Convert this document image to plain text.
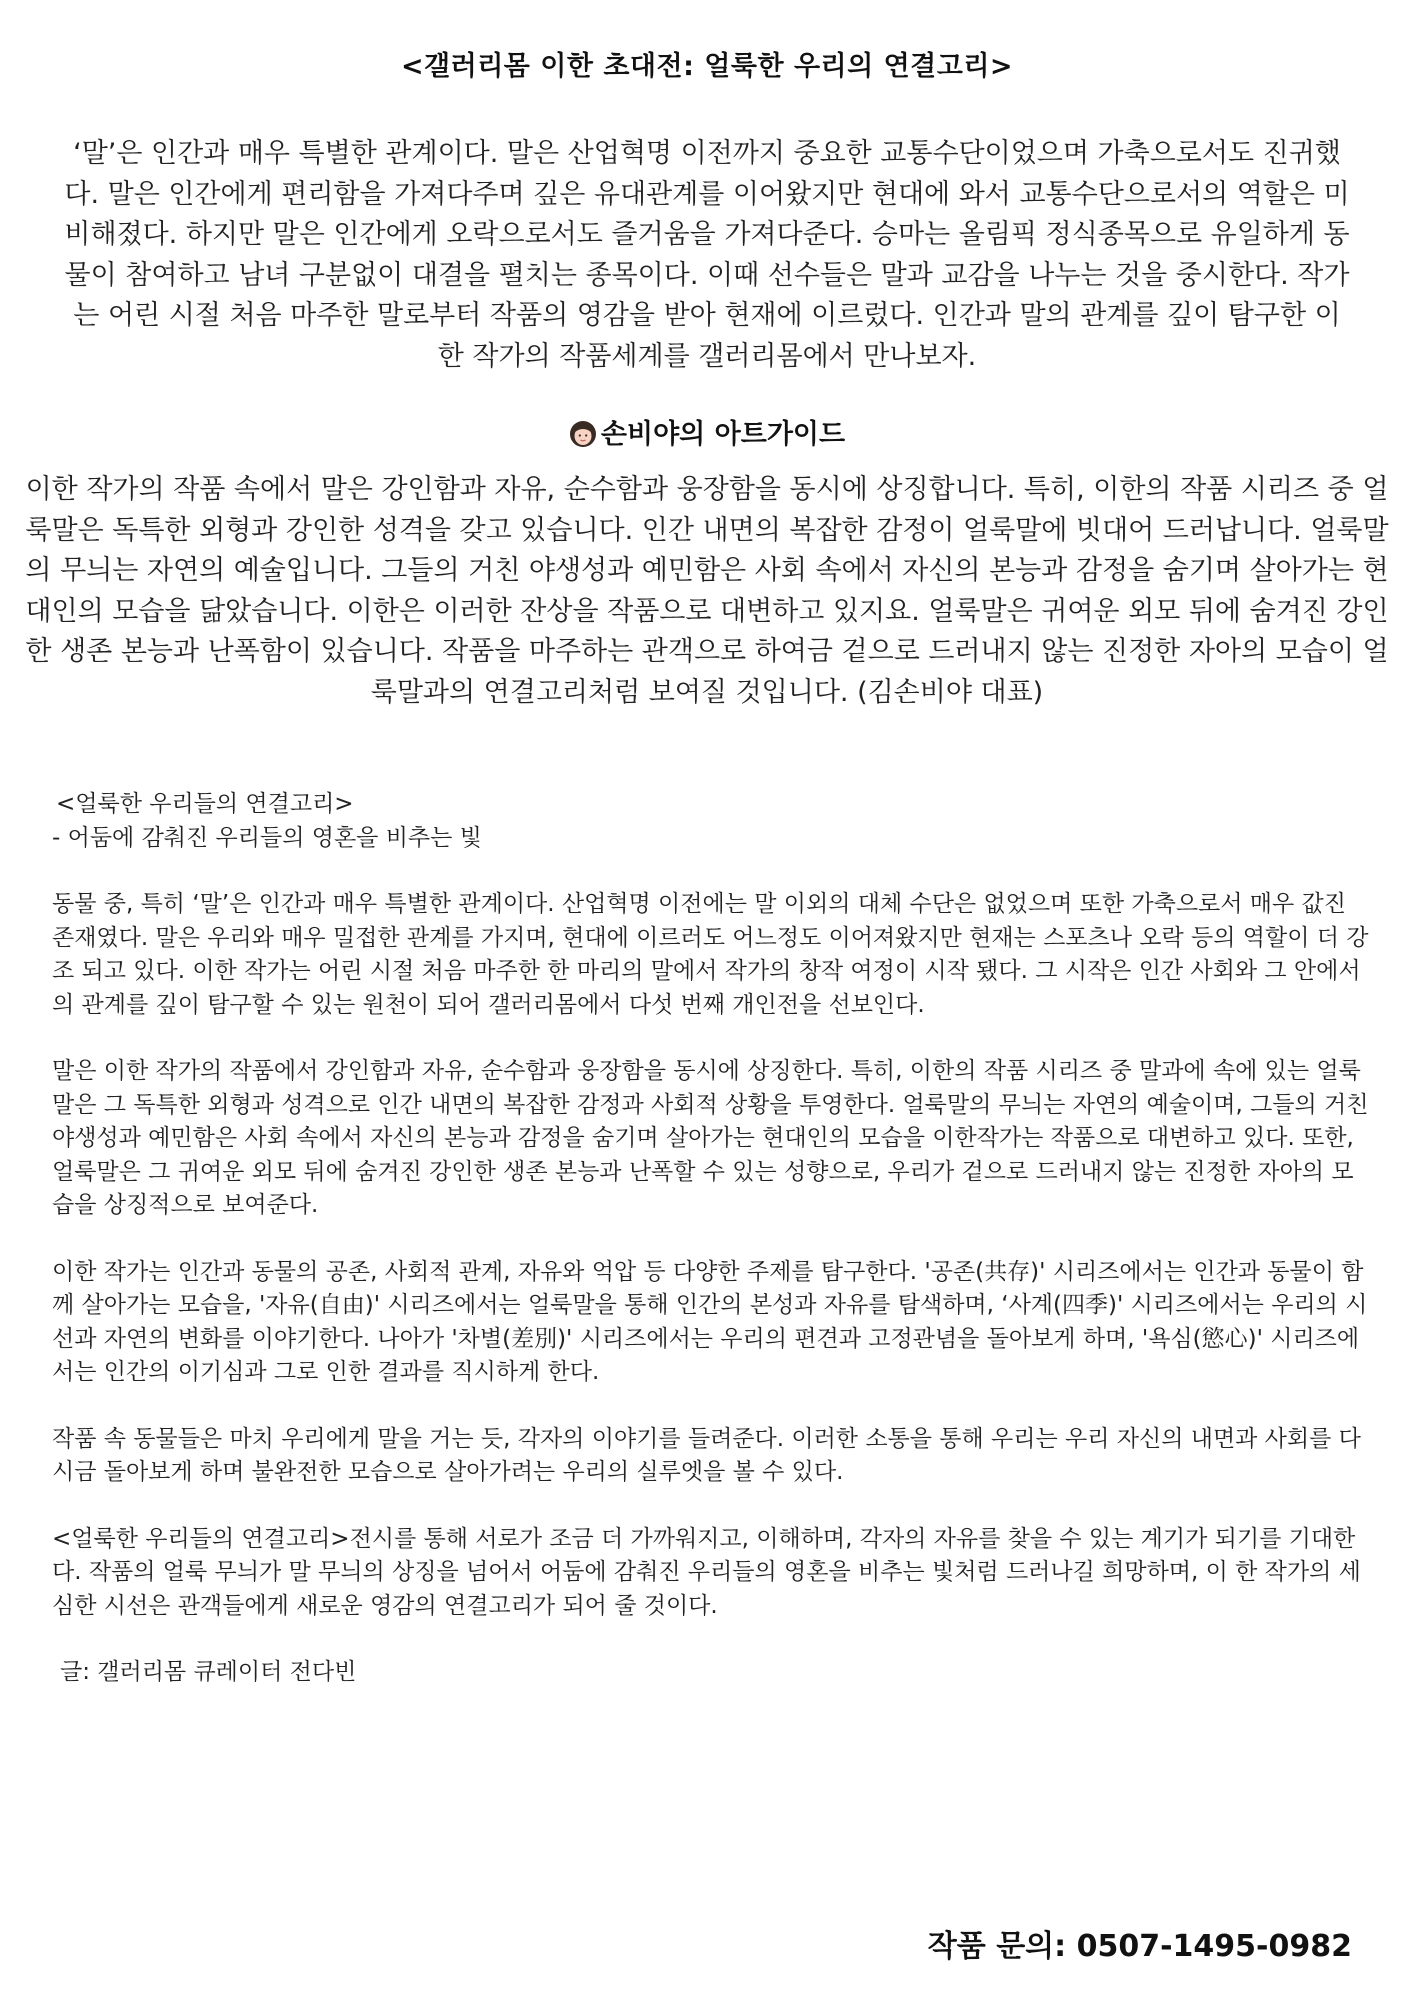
<갤러리몸 이한 초대전: 얼룩한 우리의 연결고리>

‘말’은 인간과 매우 특별한 관계이다. 말은 산업혁명 이전까지 중요한 교통수단이었으며 가축으로서도 진귀했다. 말은 인간에게 편리함을 가져다주며 깊은 유대관계를 이어왔지만 현대에 와서 교통수단으로서의 역할은 미비해졌다. 하지만 말은 인간에게 오락으로서도 즐거움을 가져다준다. 승마는 올림픽 정식종목으로 유일하게 동물이 참여하고 남녀 구분없이 대결을 펼치는 종목이다. 이때 선수들은 말과 교감을 나누는 것을 중시한다. 작가는 어린 시절 처음 마주한 말로부터 작품의 영감을 받아 현재에 이르렀다. 인간과 말의 관계를 깊이 탐구한 이한 작가의 작품세계를 갤러리몸에서 만나보자.

손비야의 아트가이드

이한 작가의 작품 속에서 말은 강인함과 자유, 순수함과 웅장함을 동시에 상징합니다. 특히, 이한의 작품 시리즈 중 얼룩말은 독특한 외형과 강인한 성격을 갖고 있습니다. 인간 내면의 복잡한 감정이 얼룩말에 빗대어 드러납니다. 얼룩말의 무늬는 자연의 예술입니다. 그들의 거친 야생성과 예민함은 사회 속에서 자신의 본능과 감정을 숨기며 살아가는 현대인의 모습을 닮았습니다. 이한은 이러한 잔상을 작품으로 대변하고 있지요. 얼룩말은 귀여운 외모 뒤에 숨겨진 강인한 생존 본능과 난폭함이 있습니다. 작품을 마주하는 관객으로 하여금 겉으로 드러내지 않는 진정한 자아의 모습이 얼룩말과의 연결고리처럼 보여질 것입니다. (김손비야 대표)

<얼룩한 우리들의 연결고리>

- 어둠에 감춰진 우리들의 영혼을 비추는 빛

동물 중, 특히 ‘말’은 인간과 매우 특별한 관계이다. 산업혁명 이전에는 말 이외의 대체 수단은 없었으며 또한 가축으로서 매우 값진 존재였다. 말은 우리와 매우 밀접한 관계를 가지며, 현대에 이르러도 어느정도 이어져왔지만 현재는 스포츠나 오락 등의 역할이 더 강조 되고 있다. 이한 작가는 어린 시절 처음 마주한 한 마리의 말에서 작가의 창작 여정이 시작 됐다. 그 시작은 인간 사회와 그 안에서의 관계를 깊이 탐구할 수 있는 원천이 되어 갤러리몸에서 다섯 번째 개인전을 선보인다.

말은 이한 작가의 작품에서 강인함과 자유, 순수함과 웅장함을 동시에 상징한다. 특히, 이한의 작품 시리즈 중 말과에 속에 있는 얼룩말은 그 독특한 외형과 성격으로 인간 내면의 복잡한 감정과 사회적 상황을 투영한다. 얼룩말의 무늬는 자연의 예술이며, 그들의 거친 야생성과 예민함은 사회 속에서 자신의 본능과 감정을 숨기며 살아가는 현대인의 모습을 이한작가는 작품으로 대변하고 있다. 또한, 얼룩말은 그 귀여운 외모 뒤에 숨겨진 강인한 생존 본능과 난폭할 수 있는 성향으로, 우리가 겉으로 드러내지 않는 진정한 자아의 모습을 상징적으로 보여준다.

이한 작가는 인간과 동물의 공존, 사회적 관계, 자유와 억압 등 다양한 주제를 탐구한다. '공존(共存)' 시리즈에서는 인간과 동물이 함께 살아가는 모습을, '자유(自由)' 시리즈에서는 얼룩말을 통해 인간의 본성과 자유를 탐색하며, ‘사계(四季)' 시리즈에서는 우리의 시선과 자연의 변화를 이야기한다. 나아가 '차별(差別)' 시리즈에서는 우리의 편견과 고정관념을 돌아보게 하며, '욕심(慾心)' 시리즈에서는 인간의 이기심과 그로 인한 결과를 직시하게 한다.

작품 속 동물들은 마치 우리에게 말을 거는 듯, 각자의 이야기를 들려준다. 이러한 소통을 통해 우리는 우리 자신의 내면과 사회를 다시금 돌아보게 하며 불완전한 모습으로 살아가려는 우리의 실루엣을 볼 수 있다.

<얼룩한 우리들의 연결고리>전시를 통해 서로가 조금 더 가까워지고, 이해하며, 각자의 자유를 찾을 수 있는 계기가 되기를 기대한다. 작품의 얼룩 무늬가 말 무늬의 상징을 넘어서 어둠에 감춰진 우리들의 영혼을 비추는 빛처럼 드러나길 희망하며, 이 한 작가의 세심한 시선은 관객들에게 새로운 영감의 연결고리가 되어 줄 것이다.

글: 갤러리몸 큐레이터 전다빈

작품 문의: 0507-1495-0982
